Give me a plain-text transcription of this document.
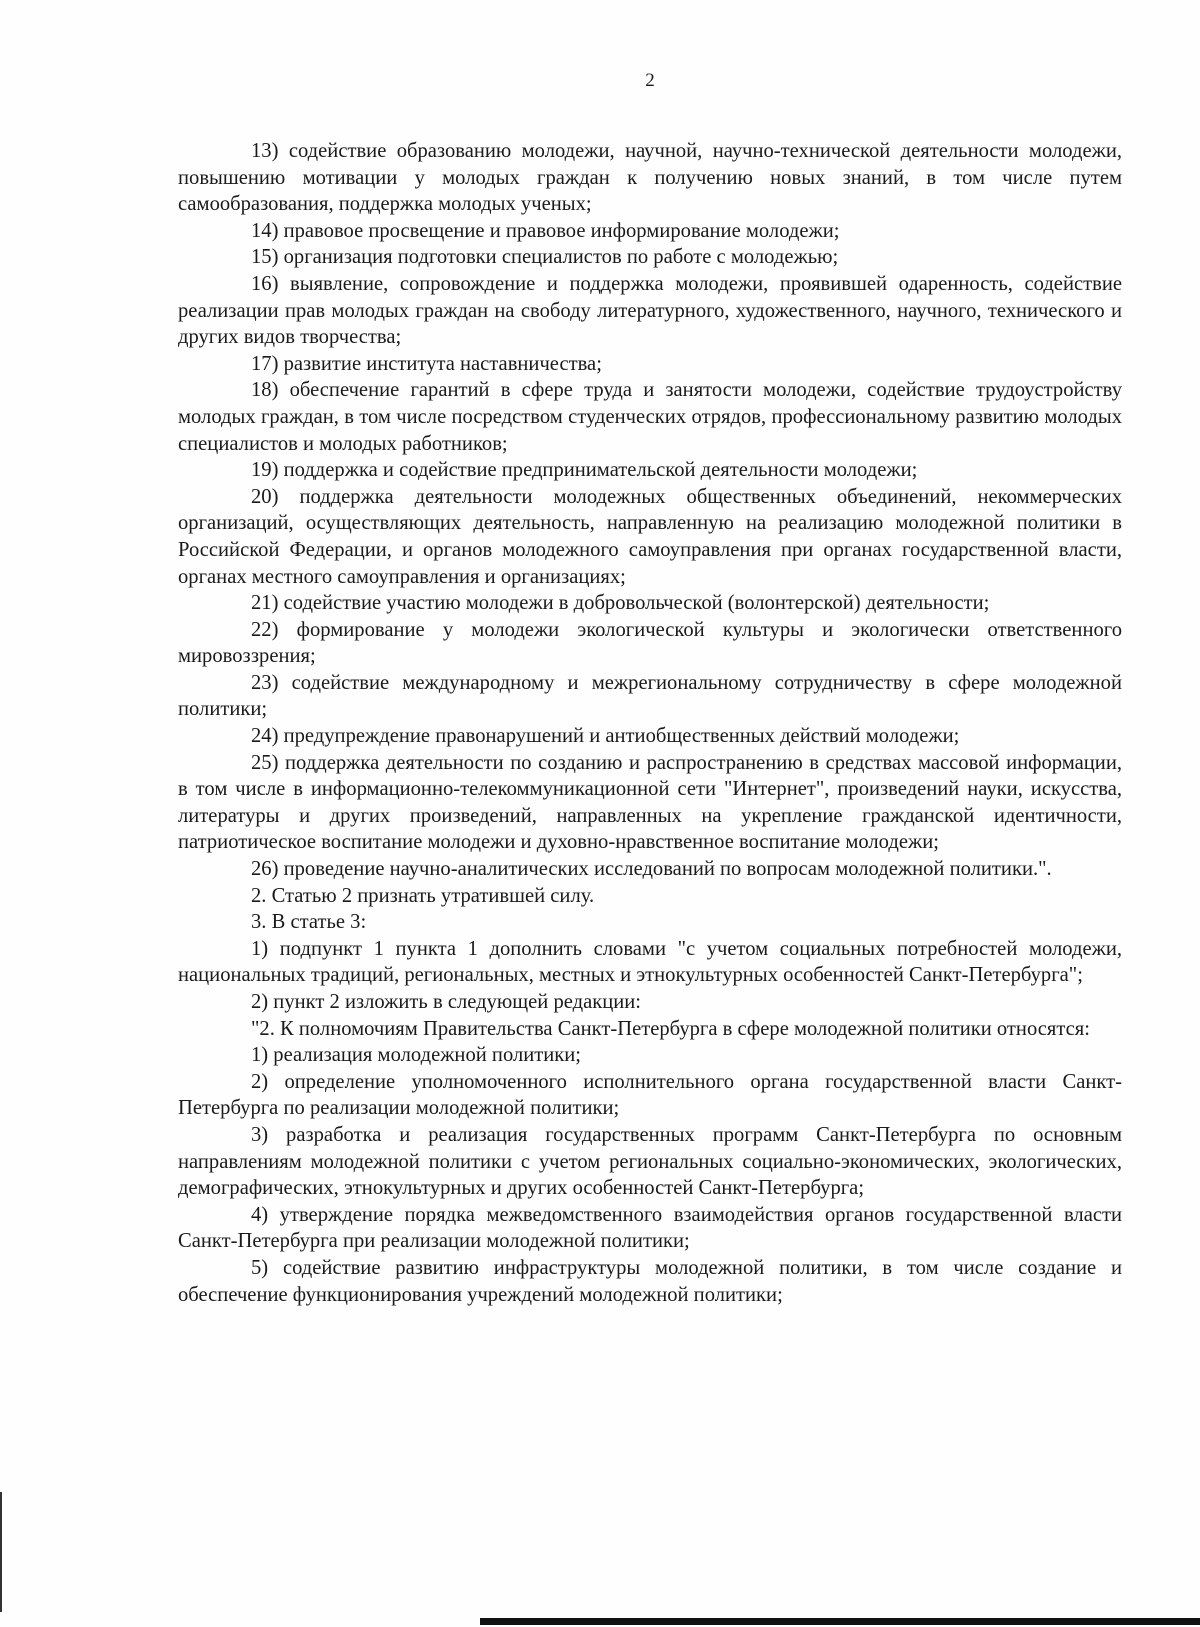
2

13) содействие образованию молодежи, научной, научно-технической деятельности молодежи, повышению мотивации у молодых граждан к получению новых знаний, в том числе путем самообразования, поддержка молодых ученых;

14) правовое просвещение и правовое информирование молодежи;

15) организация подготовки специалистов по работе с молодежью;

16) выявление, сопровождение и поддержка молодежи, проявившей одаренность, содействие реализации прав молодых граждан на свободу литературного, художественного, научного, технического и других видов творчества;

17) развитие института наставничества;

18) обеспечение гарантий в сфере труда и занятости молодежи, содействие трудоустройству молодых граждан, в том числе посредством студенческих отрядов, профессиональному развитию молодых специалистов и молодых работников;

19) поддержка и содействие предпринимательской деятельности молодежи;

20) поддержка деятельности молодежных общественных объединений, некоммерческих организаций, осуществляющих деятельность, направленную на реализацию молодежной политики в Российской Федерации, и органов молодежного самоуправления при органах государственной власти, органах местного самоуправления и организациях;

21) содействие участию молодежи в добровольческой (волонтерской) деятельности;

22) формирование у молодежи экологической культуры и экологически ответственного мировоззрения;

23) содействие международному и межрегиональному сотрудничеству в сфере молодежной политики;

24) предупреждение правонарушений и антиобщественных действий молодежи;

25) поддержка деятельности по созданию и распространению в средствах массовой информации, в том числе в информационно-телекоммуникационной сети "Интернет", произведений науки, искусства, литературы и других произведений, направленных на укрепление гражданской идентичности, патриотическое воспитание молодежи и духовно-нравственное воспитание молодежи;

26) проведение научно-аналитических исследований по вопросам молодежной политики.".

2. Статью 2 признать утратившей силу.

3. В статье 3:

1) подпункт 1 пункта 1 дополнить словами "с учетом социальных потребностей молодежи, национальных традиций, региональных, местных и этнокультурных особенностей Санкт-Петербурга";

2) пункт 2 изложить в следующей редакции:

"2. К полномочиям Правительства Санкт-Петербурга в сфере молодежной политики относятся:

1) реализация молодежной политики;

2) определение уполномоченного исполнительного органа государственной власти Санкт-Петербурга по реализации молодежной политики;

3) разработка и реализация государственных программ Санкт-Петербурга по основным направлениям молодежной политики с учетом региональных социально-экономических, экологических, демографических, этнокультурных и других особенностей Санкт-Петербурга;

4) утверждение порядка межведомственного взаимодействия органов государственной власти Санкт-Петербурга при реализации молодежной политики;

5) содействие развитию инфраструктуры молодежной политики, в том числе создание и обеспечение функционирования учреждений молодежной политики;
